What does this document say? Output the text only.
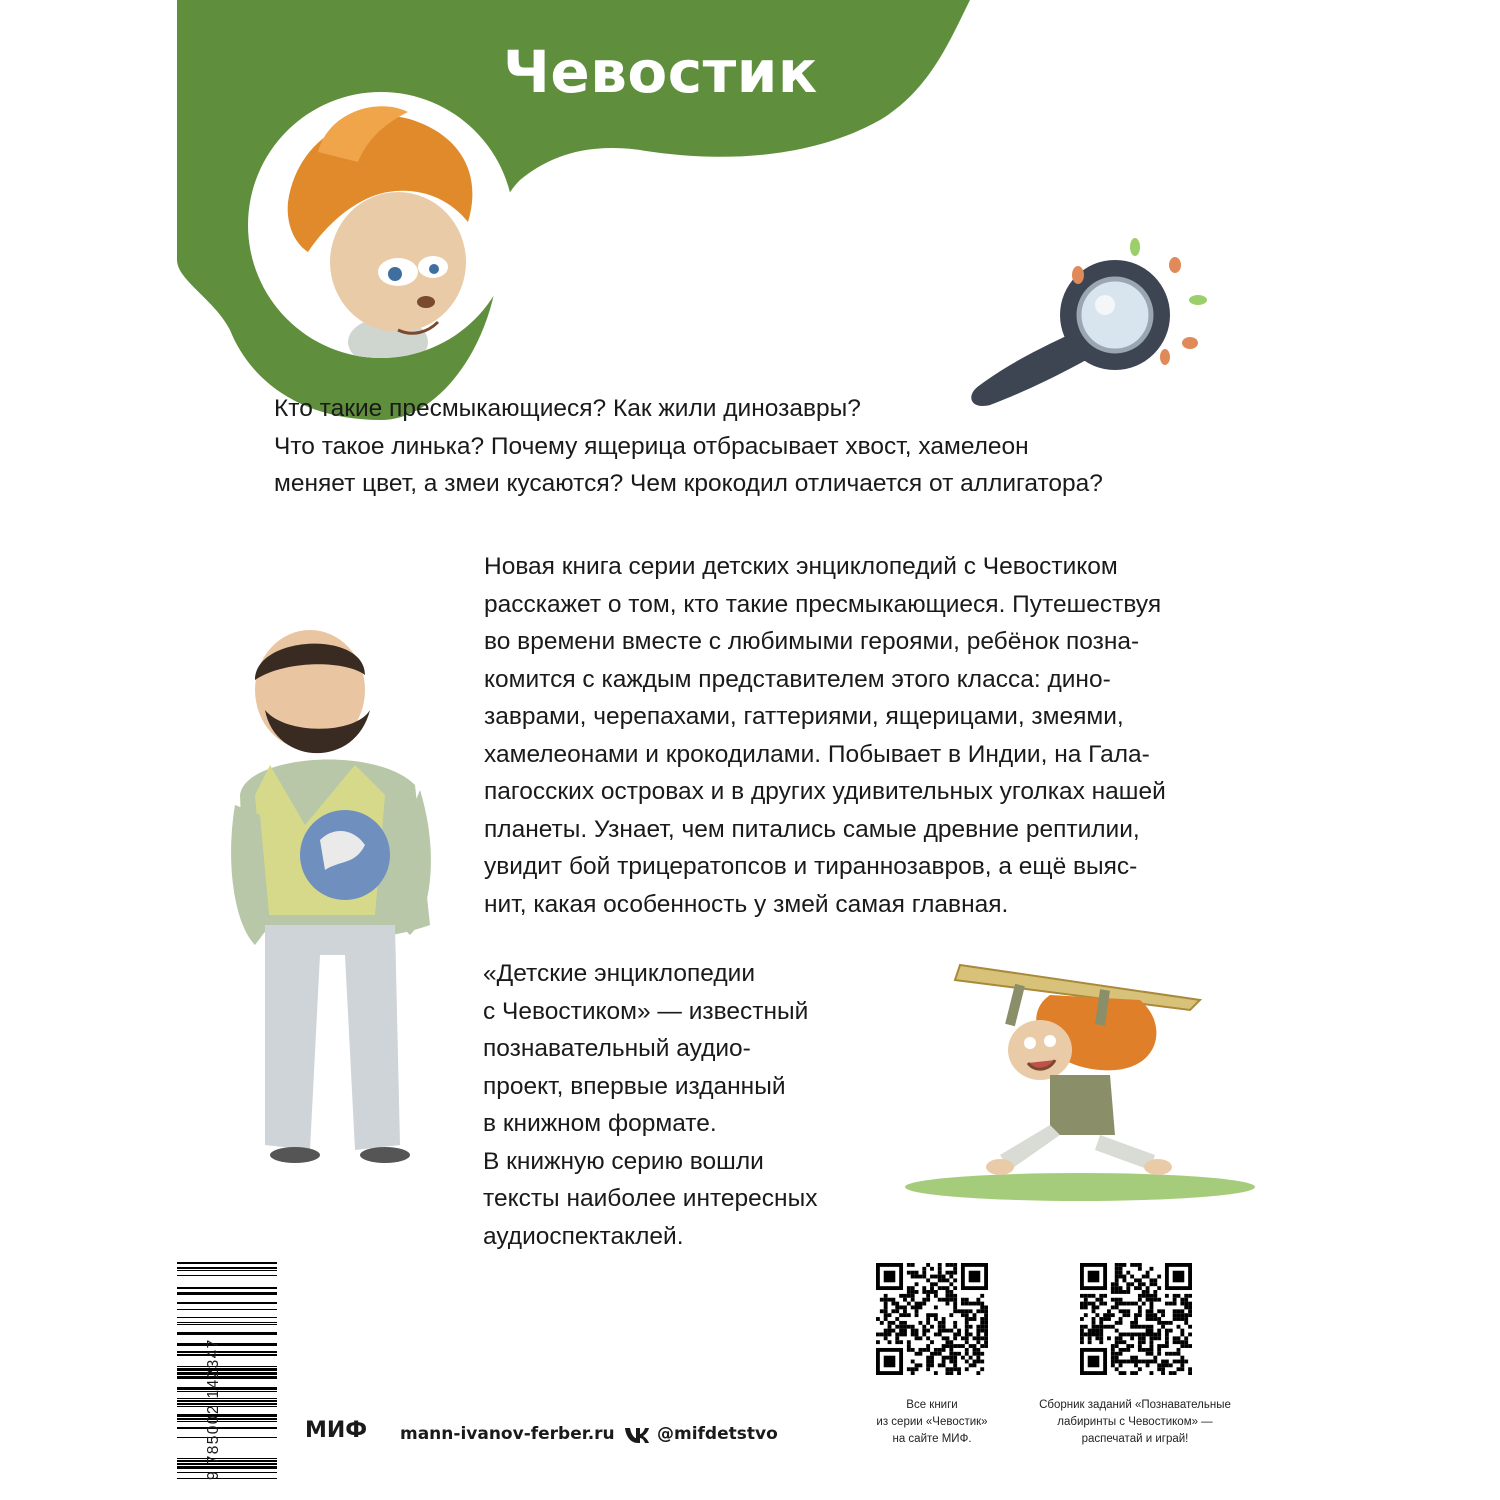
Чевостик
Кто такие пресмыкающиеся? Как жили динозавры?
Что такое линька? Почему ящерица отбрасывает хвост, хамелеон
меняет цвет, а змеи кусаются? Чем крокодил отличается от аллигатора?
Новая книга серии детских энциклопедий с Чевостиком
расскажет о том, кто такие пресмыкающиеся. Путешествуя
во времени вместе с любимыми героями, ребёнок позна-
комится с каждым представителем этого класса: дино-
заврами, черепахами, гаттериями, ящерицами, змеями,
хамелеонами и крокодилами. Побывает в Индии, на Гала-
пагосских островах и в других удивительных уголках нашей
планеты. Узнает, чем питались самые древние рептилии,
увидит бой трицератопсов и тираннозавров, а ещё выяс-
нит, какая особенность у змей самая главная.
«Детские энциклопедии
с Чевостиком» — известный
познавательный аудио-
проект, впервые изданный
в книжном формате.
В книжную серию вошли
тексты наиболее интересных
аудиоспектаклей.
9 785002 142347	МИФ mann-ivanov-ferber.ru @mifdetstvo
Все книги
из серии «Чевостик»
на сайте МИФ.
Сборник заданий «Познавательные
лабиринты с Чевостиком» —
распечатай и играй!
